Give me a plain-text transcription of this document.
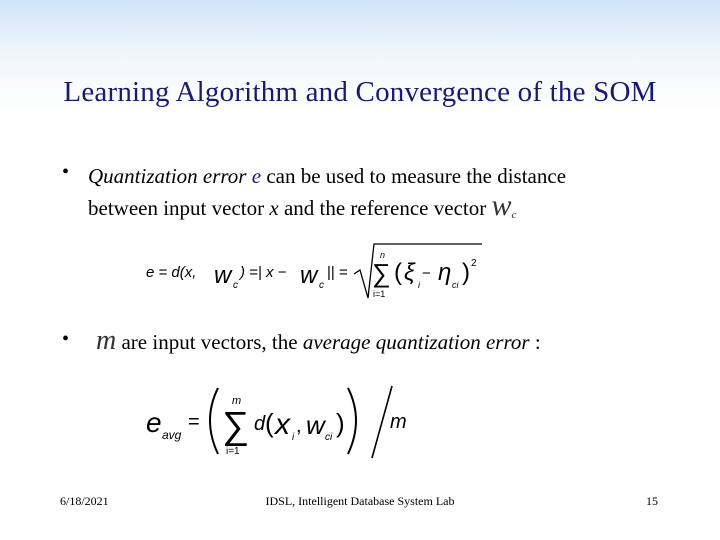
Learning Algorithm and Convergence of the SOM
• Quantization error e can be used to measure the distance
between input vector x and the reference vector wc
e = d(x, w c
) =| x − w c
|| =
n
∑
i=1
( ξ i
− η ci ) 2
• m are input vectors, the average quantization error :
e avg
=
m
∑
i=1
d ( x i
, w ci ) m
6/18/2021	IDSL, Intelligent Database System Lab	15
